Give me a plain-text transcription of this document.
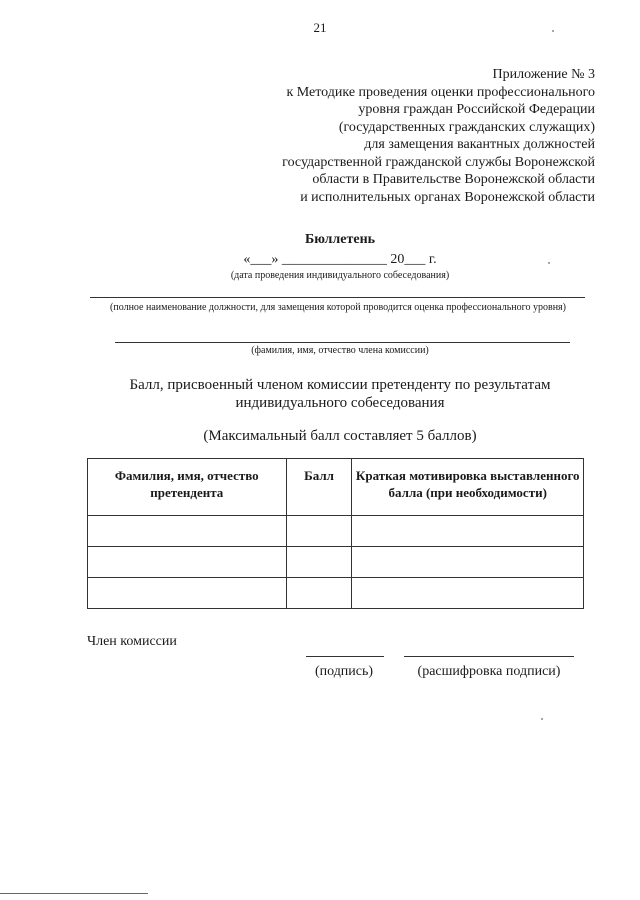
21
Приложение № 3
к Методике проведения оценки профессионального
уровня граждан Российской Федерации
(государственных гражданских служащих)
для замещения вакантных должностей
государственной гражданской службы Воронежской
области в Правительстве Воронежской области
и исполнительных органах Воронежской области
Бюллетень
«___» _______________ 20___ г.
(дата проведения индивидуального собеседования)
(полное наименование должности, для замещения которой проводится оценка профессионального уровня)
(фамилия, имя, отчество члена комиссии)
Балл, присвоенный членом комиссии претенденту по результатам индивидуального собеседования
(Максимальный балл составляет 5 баллов)
Фамилия, имя, отчество претендента	Балл	Краткая мотивировка выставленного балла (при необходимости)

Член комиссии
(подпись)	(расшифровка подписи)
